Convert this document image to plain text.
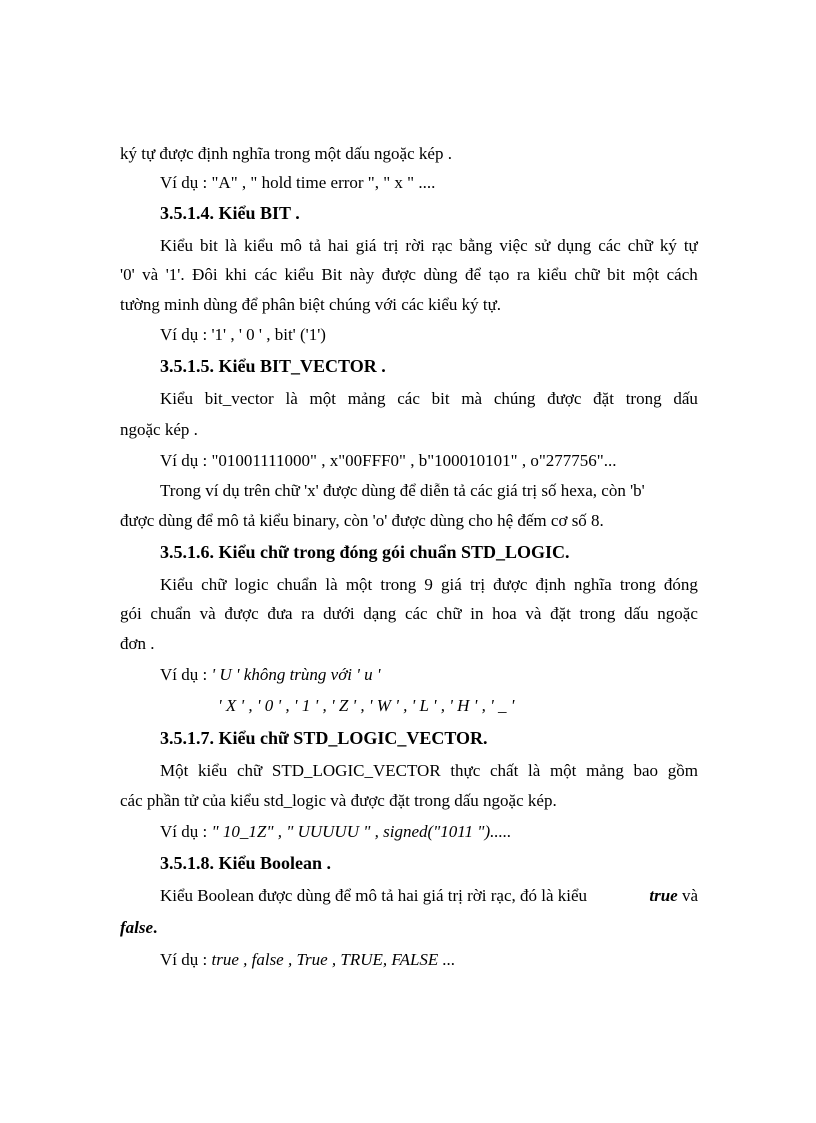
ký tự được định nghĩa trong một dấu ngoặc kép .
Ví dụ : "A" , " hold time error ", " x " ....
3.5.1.4. Kiểu BIT .
Kiểu bit là kiểu mô tả hai giá trị rời rạc bằng việc sử dụng các chữ ký tự
'0' và '1'. Đôi khi các kiểu Bit này được dùng để tạo ra kiểu chữ bit một cách
tường minh dùng để phân biệt chúng với các kiểu ký tự.
Ví dụ : '1' , ' 0 ' , bit' ('1')
3.5.1.5. Kiểu BIT_VECTOR .
Kiểu bit_vector là một mảng các bit mà chúng được đặt trong dấu
ngoặc kép .
Ví dụ : "01001111000" , x"00FFF0" , b"100010101" , o"277756"...
Trong ví dụ trên chữ 'x' được dùng để diễn tả các giá trị số hexa, còn 'b'
được dùng để mô tả kiểu binary, còn 'o' được dùng cho hệ đếm cơ số 8.
3.5.1.6. Kiểu chữ trong đóng gói chuẩn STD_LOGIC.
Kiểu chữ logic chuẩn là một trong 9 giá trị được định nghĩa trong đóng
gói chuẩn và được đưa ra dưới dạng các chữ in hoa và đặt trong dấu ngoặc
đơn .
Ví dụ : ' U ' không trùng với ' u '
' X ' , ' 0 ' , ' 1 ' , ' Z ' , ' W ' , ' L ' , ' H ' , ' _ '
3.5.1.7. Kiểu chữ STD_LOGIC_VECTOR.
Một kiểu chữ STD_LOGIC_VECTOR thực chất là một mảng bao gồm
các phần tử của kiểu std_logic và được đặt trong dấu ngoặc kép.
Ví dụ : " 10_1Z" , " UUUUU " , signed("1011 ").....
3.5.1.8. Kiểu Boolean .
Kiểu Boolean được dùng để mô tả hai giá trị rời rạc, đó là kiểu	true và
false.
Ví dụ : true , false , True , TRUE, FALSE ...
